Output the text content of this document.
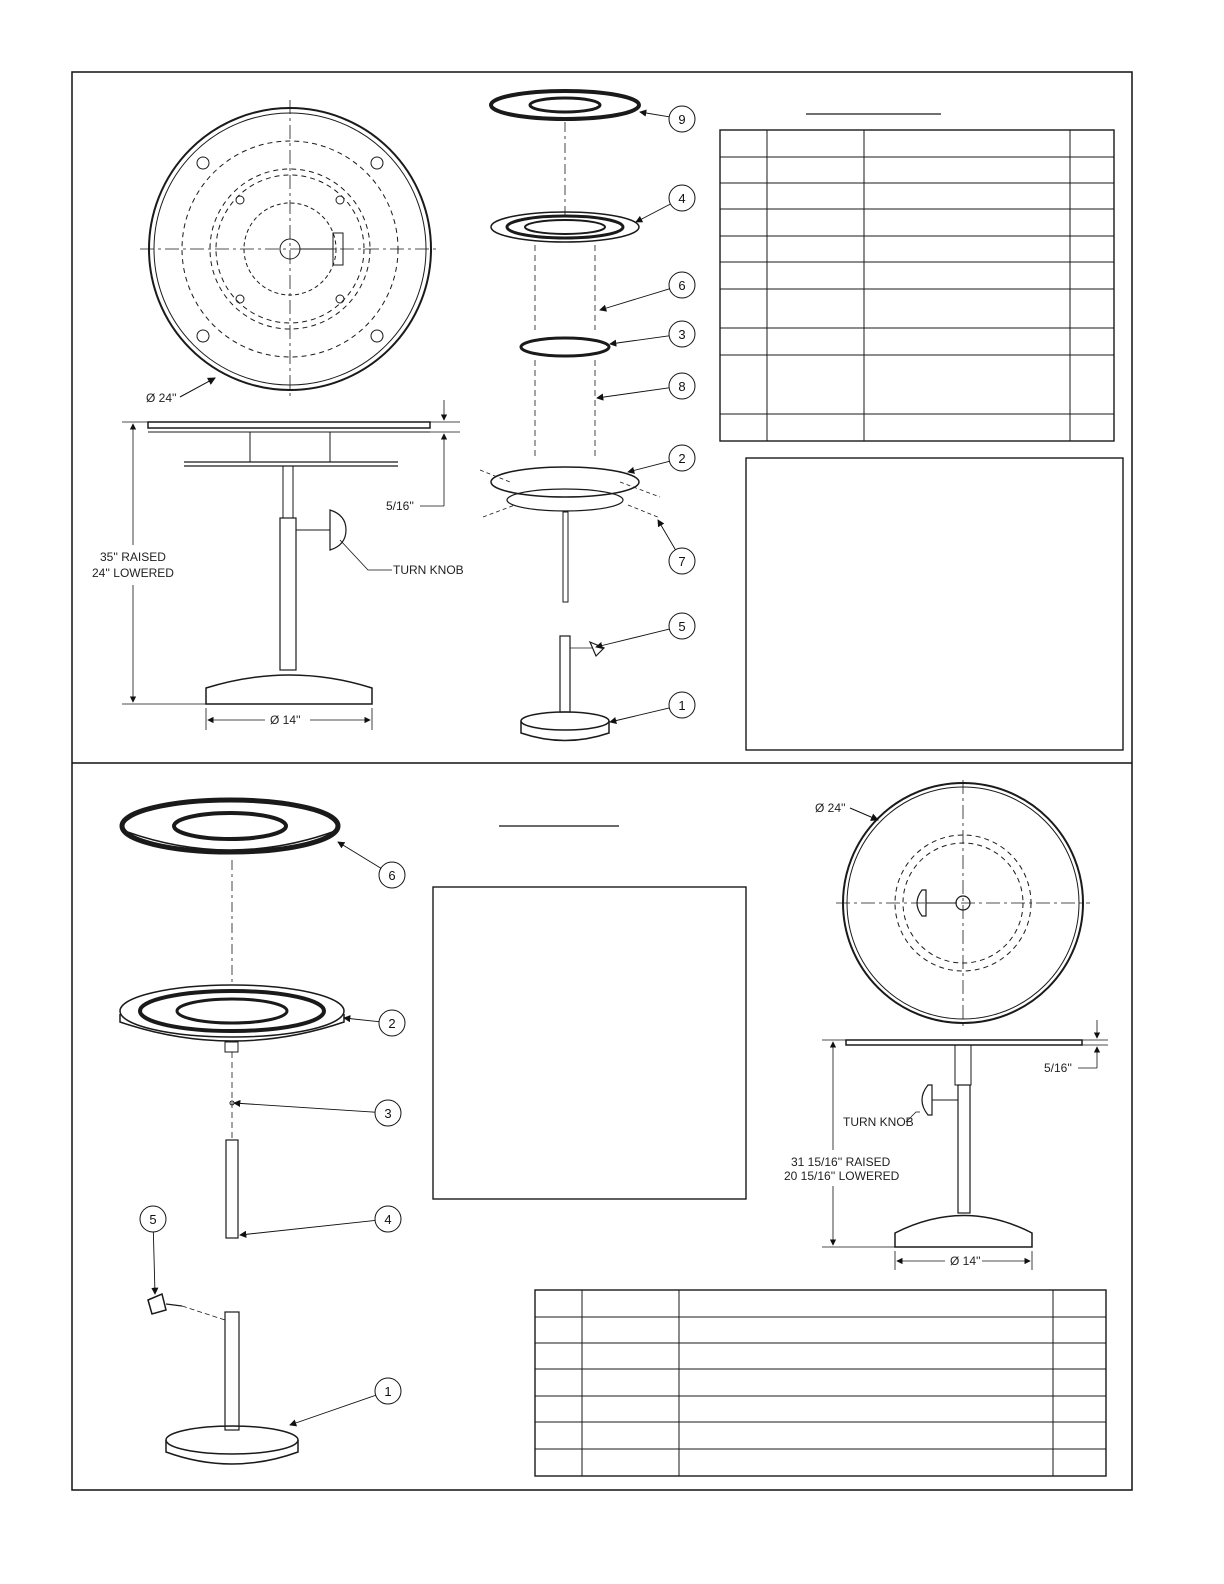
Ø 24''
35'' RAISED
24'' LOWERED
5/16''
TURN KNOB
Ø 14''
Ø 24''
5/16''
TURN KNOB
31 15/16'' RAISED
20 15/16'' LOWERED
Ø 14''
9
4
6
3
8
2
7
5
1
6
2
3
4
5
1
